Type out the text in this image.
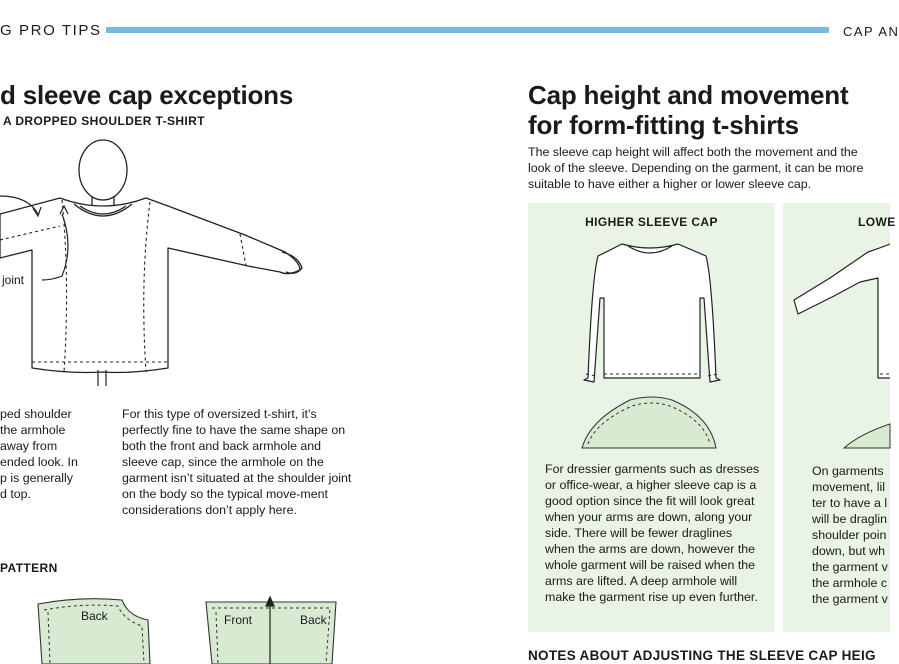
G PRO TIPS	CAP AN
d sleeve cap exceptions
A DROPPED SHOULDER T-SHIRT
joint
ped shoulder
the armhole
away from
ended look. In
p is generally
d top.
For this type of oversized t-shirt, it’s perfectly fine to have the same shape on both the front and back armhole and sleeve cap, since the armhole on the garment isn’t situated at the shoulder joint on the body so the typical move-ment considerations don’t apply here.
PATTERN
Back	Front	Back
Cap height and movement
for form-fitting t-shirts
The sleeve cap height will affect both the movement and the look of the sleeve. Depending on the garment, it can be more suitable to have either a higher or lower sleeve cap.
HIGHER SLEEVE CAP
For dressier garments such as dresses or office-wear, a higher sleeve cap is a good option since the fit will look great when your arms are down, along your side. There will be fewer draglines when the arms are down, however the whole garment will be raised when the arms are lifted. A deep armhole will make the garment rise up even further.
LOWE
On garments
movement, lil
ter to have a l
will be draglin
shoulder poin
down, but wh
the garment v
the armhole c
the garment v
NOTES ABOUT ADJUSTING THE SLEEVE CAP HEIG
